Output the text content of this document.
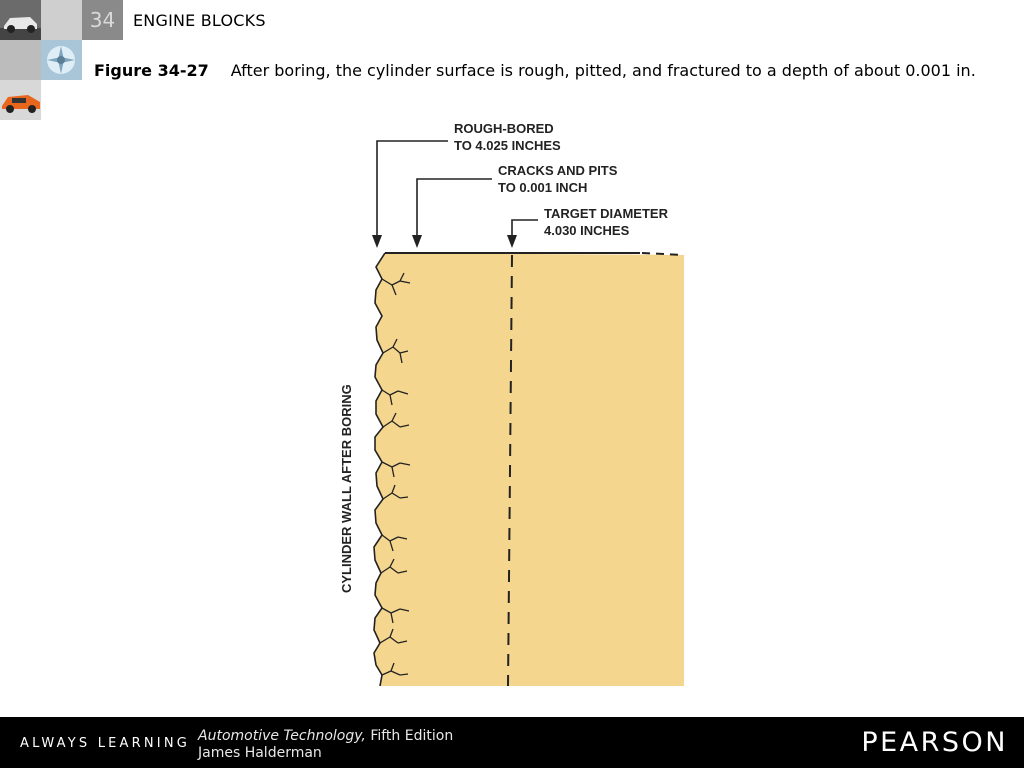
34	ENGINE BLOCKS
Figure 34-27 After boring, the cylinder surface is rough, pitted, and fractured to a depth of about 0.001 in.
ROUGH-BORED
TO 4.025 INCHES
CRACKS AND PITS
TO 0.001 INCH
TARGET DIAMETER
4.030 INCHES
CYLINDER WALL AFTER BORING
ALWAYS LEARNING Automotive Technology, Fifth Edition
James Halderman	PEARSON
